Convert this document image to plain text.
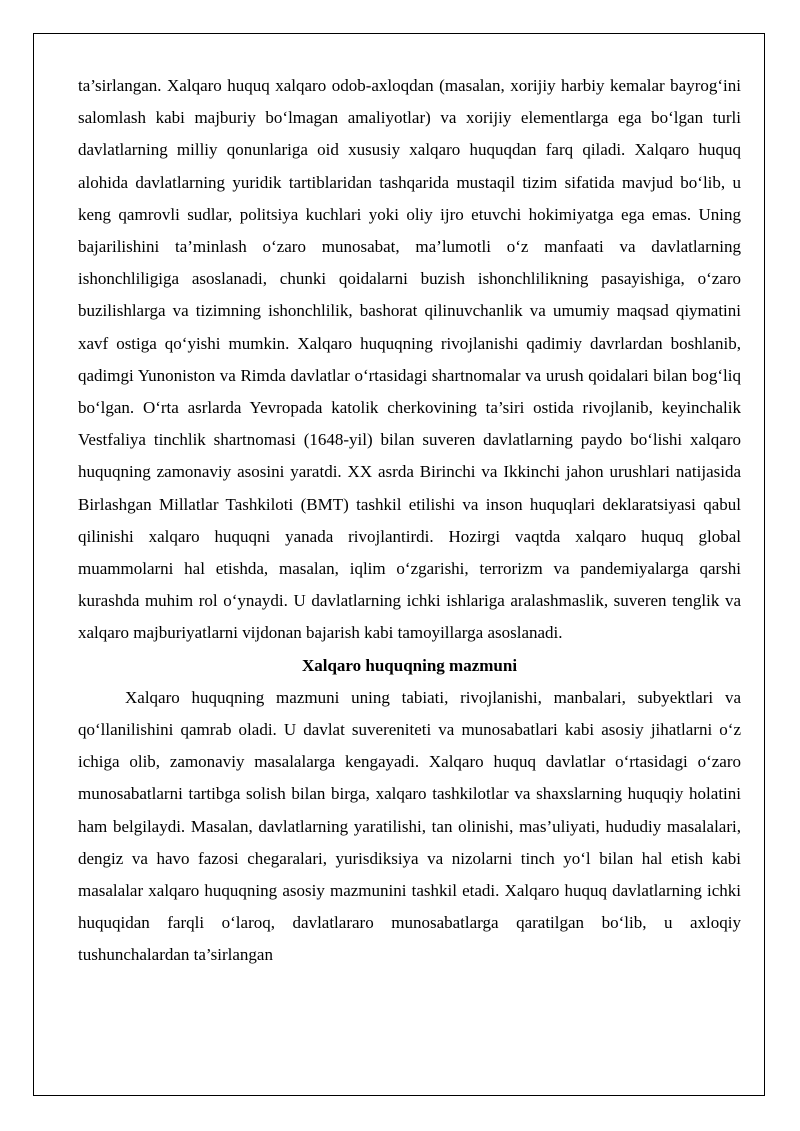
ta’sirlangan. Xalqaro huquq xalqaro odob-axloqdan (masalan, xorijiy harbiy kemalar bayrog‘ini salomlash kabi majburiy bo‘lmagan amaliyotlar) va xorijiy elementlarga ega bo‘lgan turli davlatlarning milliy qonunlariga oid xususiy xalqaro huquqdan farq qiladi. Xalqaro huquq alohida davlatlarning yuridik tartiblaridan tashqarida mustaqil tizim sifatida mavjud bo‘lib, u keng qamrovli sudlar, politsiya kuchlari yoki oliy ijro etuvchi hokimiyatga ega emas. Uning bajarilishini ta’minlash o‘zaro munosabat, ma’lumotli o‘z manfaati va davlatlarning ishonchliligiga asoslanadi, chunki qoidalarni buzish ishonchlilikning pasayishiga, o‘zaro buzilishlarga va tizimning ishonchlilik, bashorat qilinuvchanlik va umumiy maqsad qiymatini xavf ostiga qo‘yishi mumkin. Xalqaro huquqning rivojlanishi qadimiy davrlardan boshlanib, qadimgi Yunoniston va Rimda davlatlar o‘rtasidagi shartnomalar va urush qoidalari bilan bog‘liq bo‘lgan. O‘rta asrlarda Yevropada katolik cherkovining ta’siri ostida rivojlanib, keyinchalik Vestfaliya tinchlik shartnomasi (1648-yil) bilan suveren davlatlarning paydo bo‘lishi xalqaro huquqning zamonaviy asosini yaratdi. XX asrda Birinchi va Ikkinchi jahon urushlari natijasida Birlashgan Millatlar Tashkiloti (BMT) tashkil etilishi va inson huquqlari deklaratsiyasi qabul qilinishi xalqaro huquqni yanada rivojlantirdi. Hozirgi vaqtda xalqaro huquq global muammolarni hal etishda, masalan, iqlim o‘zgarishi, terrorizm va pandemiyalarga qarshi kurashda muhim rol o‘ynaydi. U davlatlarning ichki ishlariga aralashmaslik, suveren tenglik va xalqaro majburiyatlarni vijdonan bajarish kabi tamoyillarga asoslanadi.

Xalqaro huquqning mazmuni

Xalqaro huquqning mazmuni uning tabiati, rivojlanishi, manbalari, subyektlari va qo‘llanilishini qamrab oladi. U davlat suvereniteti va munosabatlari kabi asosiy jihatlarni o‘z ichiga olib, zamonaviy masalalarga kengayadi. Xalqaro huquq davlatlar o‘rtasidagi o‘zaro munosabatlarni tartibga solish bilan birga, xalqaro tashkilotlar va shaxslarning huquqiy holatini ham belgilaydi. Masalan, davlatlarning yaratilishi, tan olinishi, mas’uliyati, hududiy masalalari, dengiz va havo fazosi chegaralari, yurisdiksiya va nizolarni tinch yo‘l bilan hal etish kabi masalalar xalqaro huquqning asosiy mazmunini tashkil etadi. Xalqaro huquq davlatlarning ichki huquqidan farqli o‘laroq, davlatlararo munosabatlarga qaratilgan bo‘lib, u axloqiy tushunchalardan ta’sirlangan
